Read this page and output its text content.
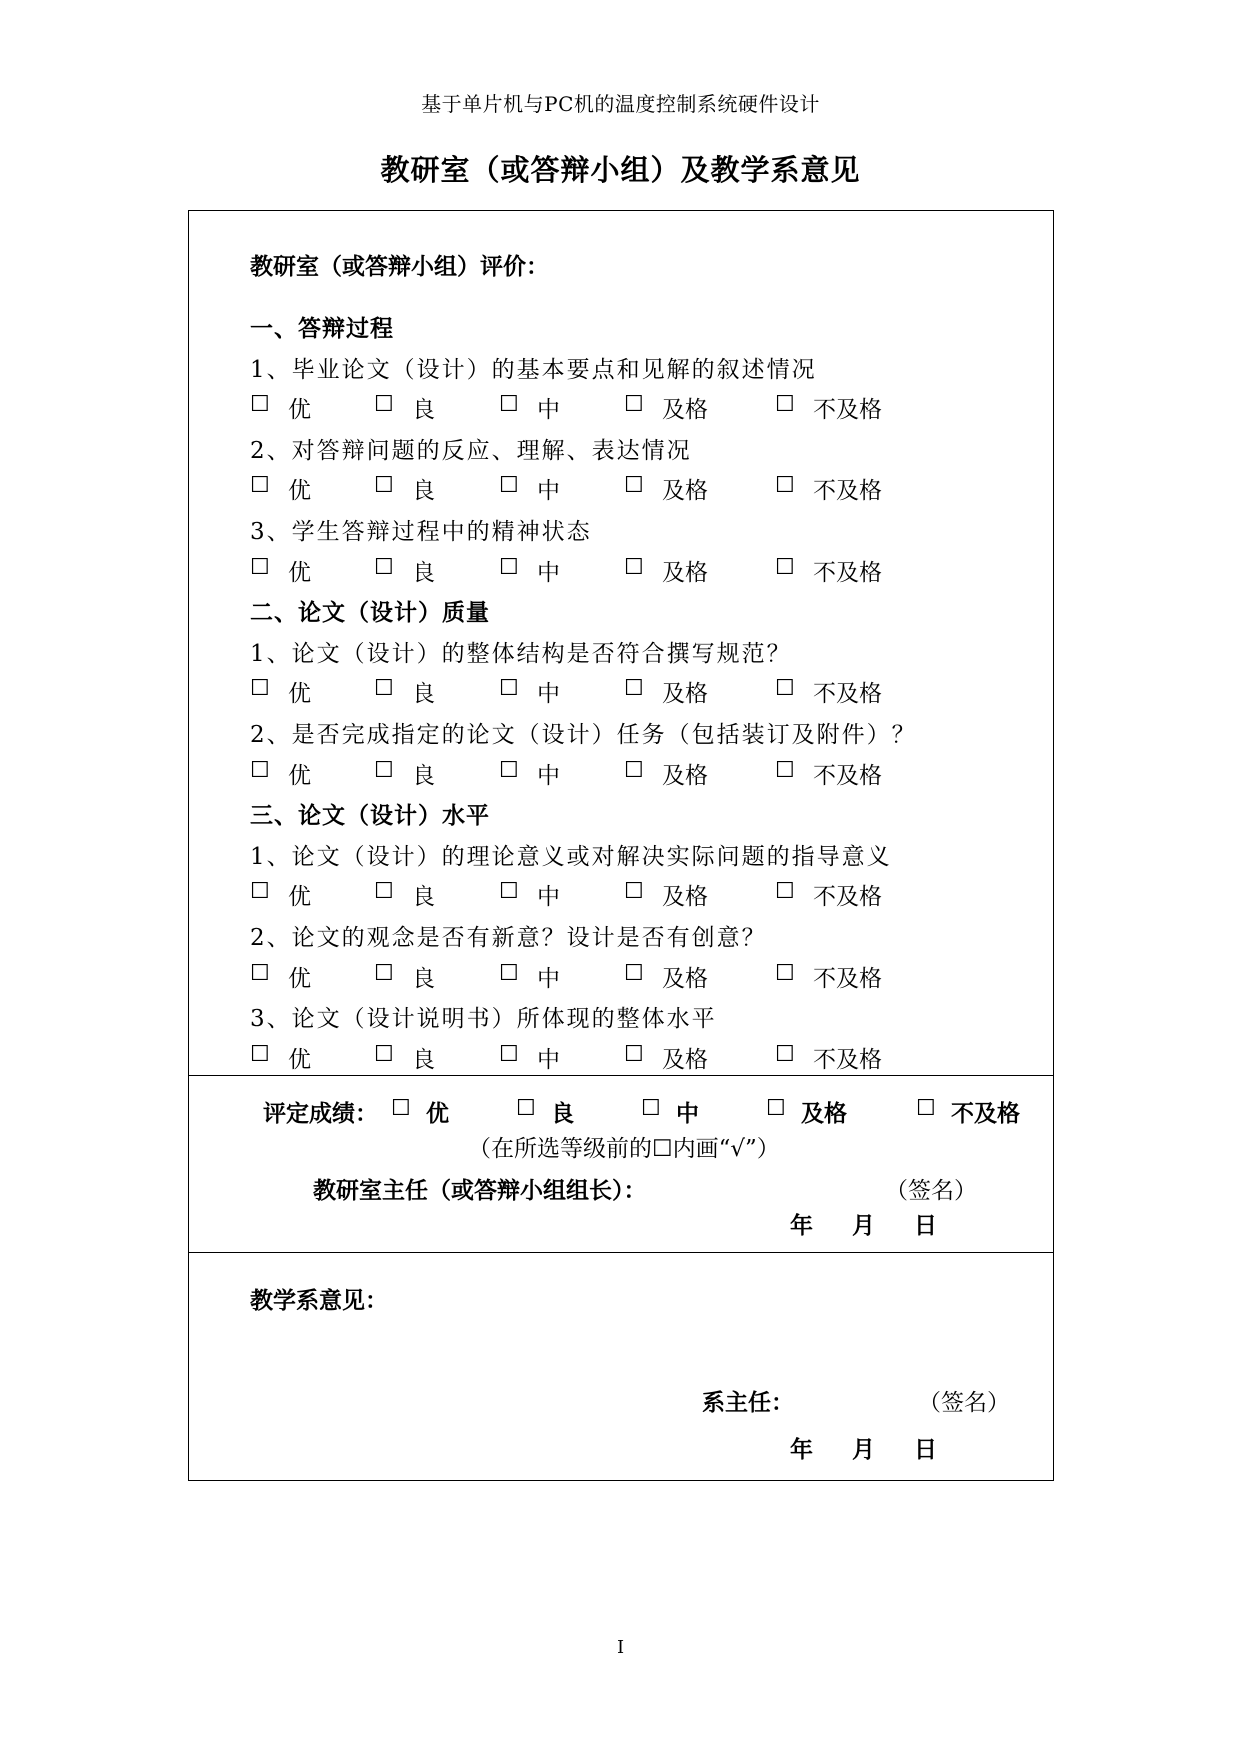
基于单片机与PC机的温度控制系统硬件设计
教研室（或答辩小组）及教学系意见
教研室（或答辩小组）评价：
一、答辩过程
1、毕业论文（设计）的基本要点和见解的叙述情况
☐ 优	☐ 良	☐ 中	☐ 及格	☐ 不及格
2、对答辩问题的反应、理解、表达情况
☐ 优	☐ 良	☐ 中	☐ 及格	☐ 不及格
3、学生答辩过程中的精神状态
☐ 优	☐ 良	☐ 中	☐ 及格	☐ 不及格
二、论文（设计）质量
1、论文（设计）的整体结构是否符合撰写规范？
☐ 优	☐ 良	☐ 中	☐ 及格	☐ 不及格
2、是否完成指定的论文（设计）任务（包括装订及附件）？
☐ 优	☐ 良	☐ 中	☐ 及格	☐ 不及格
三、论文（设计）水平
1、论文（设计）的理论意义或对解决实际问题的指导意义
☐ 优	☐ 良	☐ 中	☐ 及格	☐ 不及格
2、论文的观念是否有新意？设计是否有创意？
☐ 优	☐ 良	☐ 中	☐ 及格	☐ 不及格
3、论文（设计说明书）所体现的整体水平
☐ 优	☐ 良	☐ 中	☐ 及格	☐ 不及格
评定成绩： ☐ 优	☐ 良	☐ 中	☐ 及格	☐ 不及格
（在所选等级前的☐内画“√”）
教研室主任（或答辩小组组长）：	（签名）
年 月 日
教学系意见：
系主任：	（签名）
年 月 日
I
